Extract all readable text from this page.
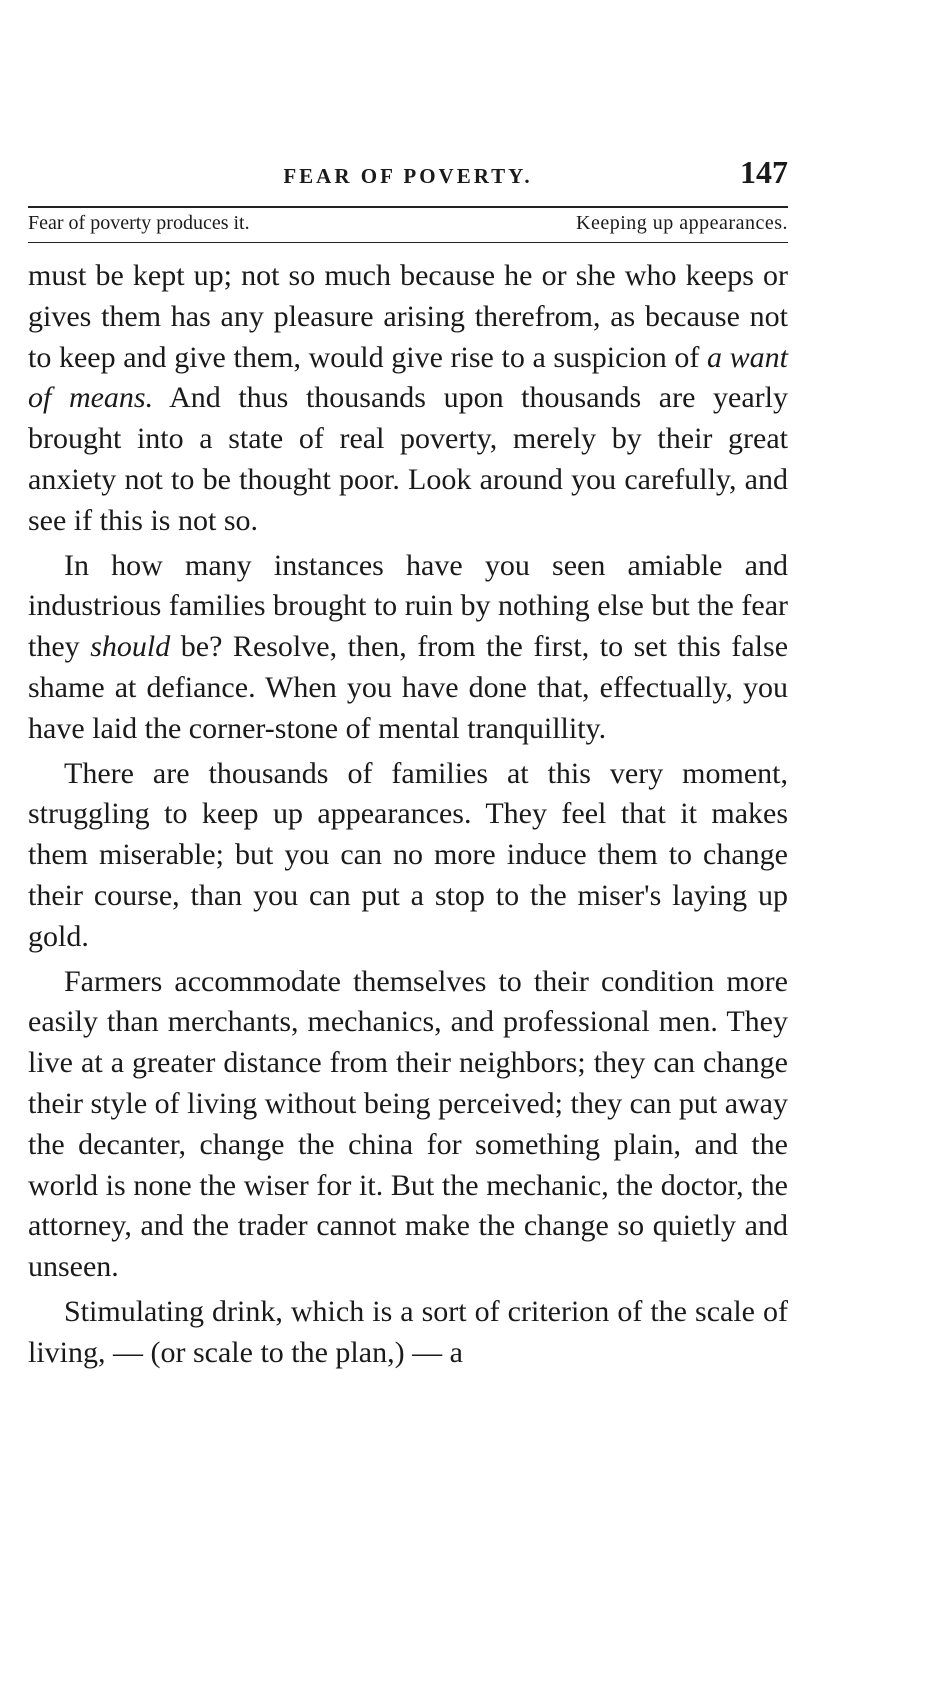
FEAR OF POVERTY.	147
Fear of poverty produces it.	Keeping up appearances.

must be kept up; not so much because he or she who keeps or gives them has any pleasure arising therefrom, as because not to keep and give them, would give rise to a suspicion of a want of means. And thus thousands upon thousands are yearly brought into a state of real poverty, merely by their great anxiety not to be thought poor. Look around you carefully, and see if this is not so.

In how many instances have you seen amiable and industrious families brought to ruin by nothing else but the fear they should be? Resolve, then, from the first, to set this false shame at defiance. When you have done that, effectually, you have laid the corner-stone of mental tranquillity.

There are thousands of families at this very moment, struggling to keep up appearances. They feel that it makes them miserable; but you can no more induce them to change their course, than you can put a stop to the miser's laying up gold.

Farmers accommodate themselves to their condition more easily than merchants, mechanics, and professional men. They live at a greater distance from their neighbors; they can change their style of living without being perceived; they can put away the decanter, change the china for something plain, and the world is none the wiser for it. But the mechanic, the doctor, the attorney, and the trader cannot make the change so quietly and unseen.

Stimulating drink, which is a sort of criterion of the scale of living, — (or scale to the plan,) — a
